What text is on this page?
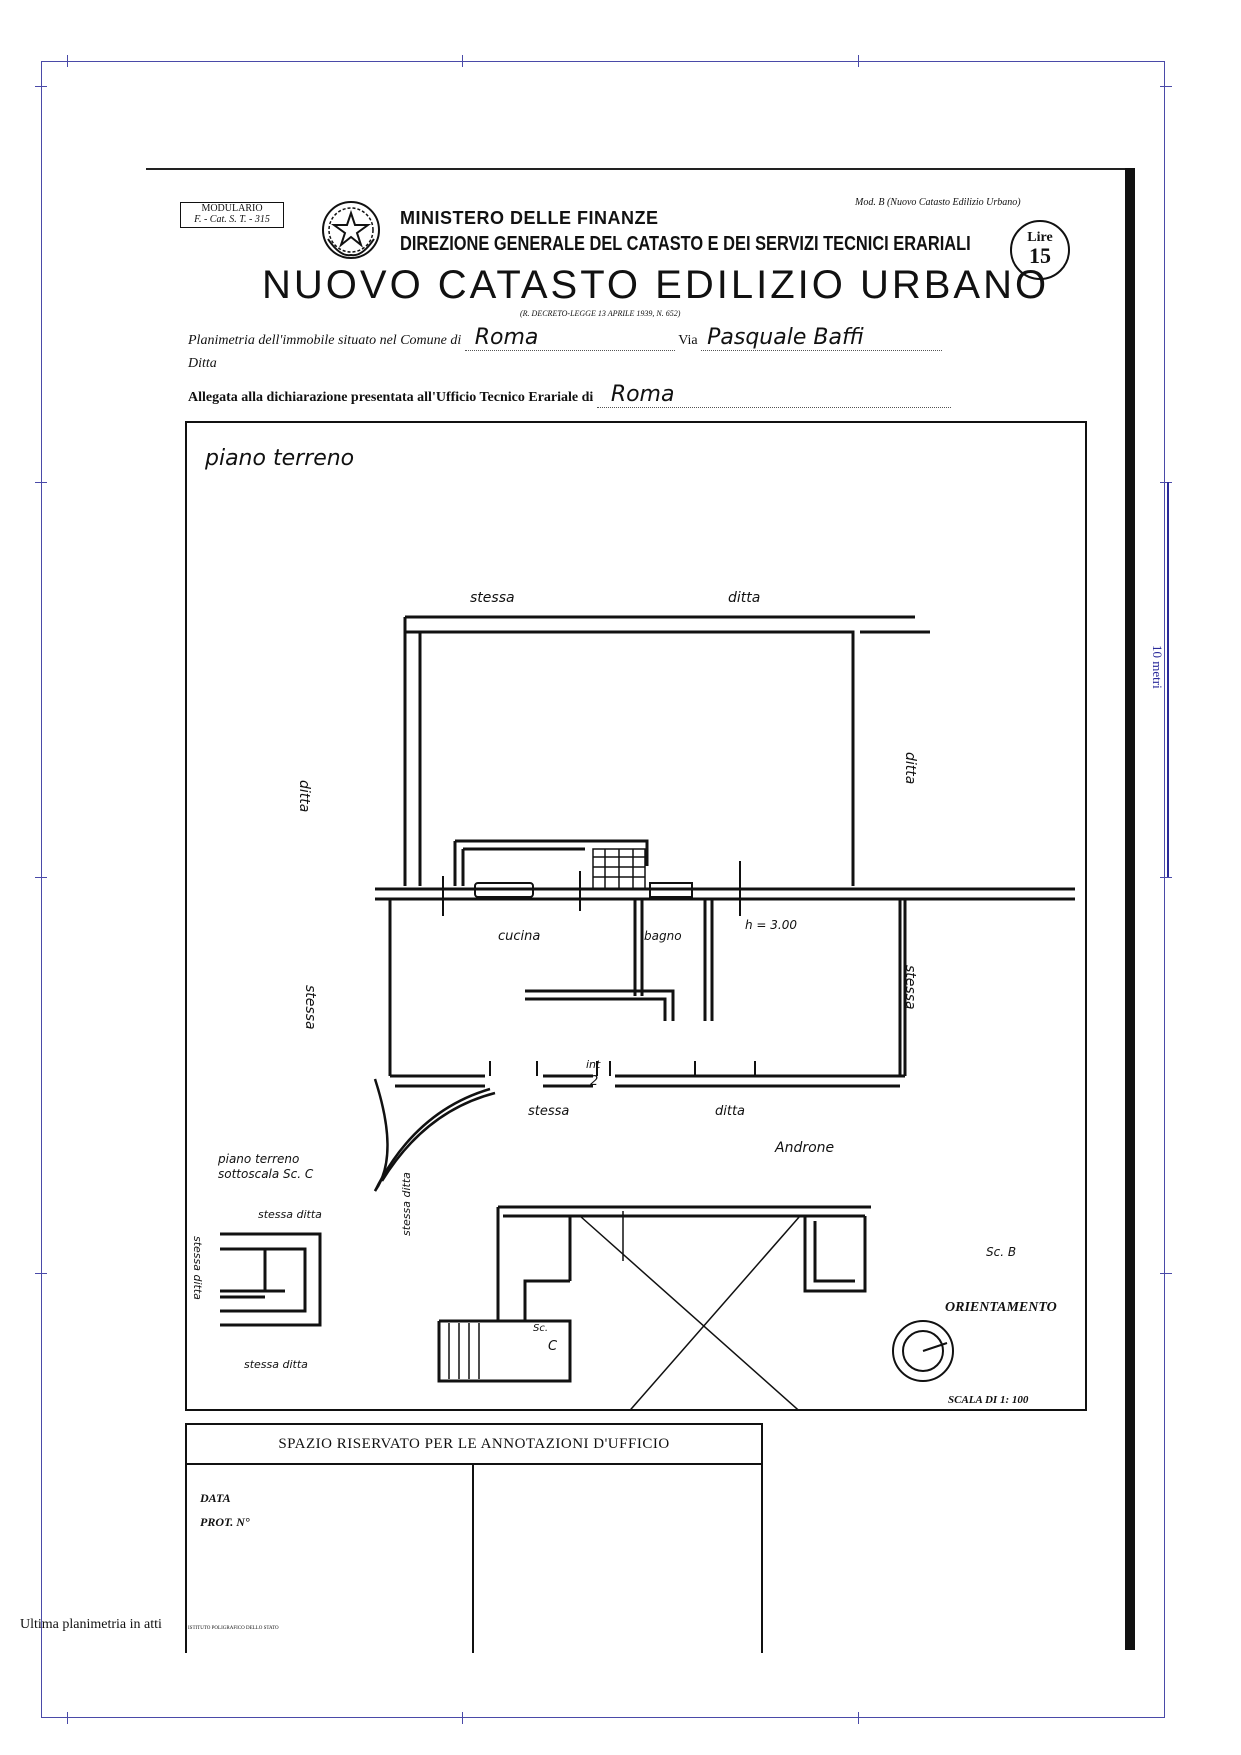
10 metri
MODULARIO
F. - Cat. S. T. - 315	MINISTERO DELLE FINANZE
DIREZIONE GENERALE DEL CATASTO E DEI SERVIZI TECNICI ERARIALI
NUOVO CATASTO EDILIZIO URBANO
(R. DECRETO-LEGGE 13 APRILE 1939, N. 652)
Mod. B (Nuovo Catasto Edilizio Urbano)
Lire
15
Planimetria dell'immobile situato nel Comune di Roma	Via Pasquale Baffi
Ditta
Allegata alla dichiarazione presentata all'Ufficio Tecnico Erariale di Roma
piano terreno
stessa	ditta
ditta
ditta
stessa	stessa
cucina	bagno
h = 3.00
int
2
stessa	ditta
Androne
piano terreno
sottoscala Sc. C
stessa ditta
stessa ditta
stessa ditta
stessa ditta
Sc.
C
Sc. B
ORIENTAMENTO
SCALA DI 1: 100
SPAZIO RISERVATO PER LE ANNOTAZIONI D'UFFICIO
DATA
PROT. N°
ISTITUTO POLIGRAFICO DELLO STATO
Ultima planimetria in atti
